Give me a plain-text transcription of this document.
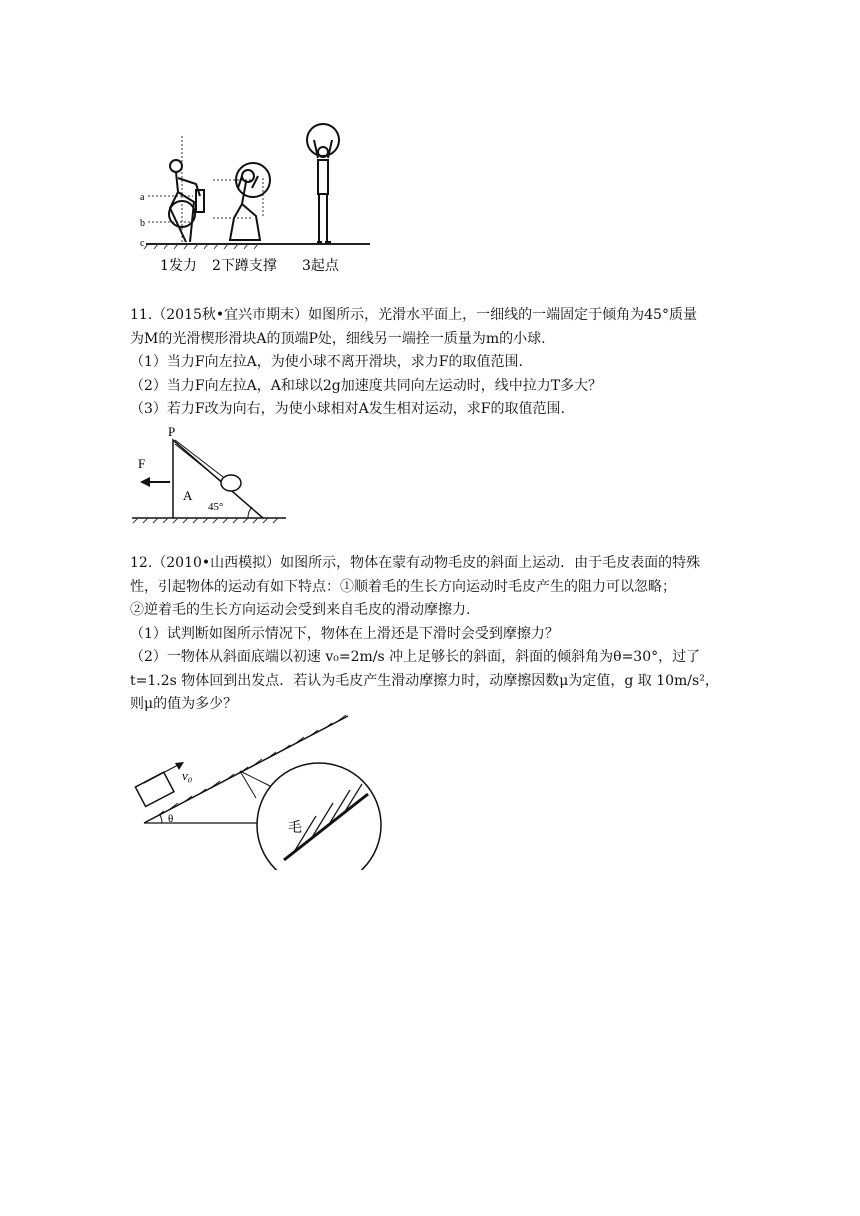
a
b
c
1发力 2下蹲支撑 3起点

11.（2015秋•宜兴市期末）如图所示，光滑水平面上，一细线的一端固定于倾角为45°质量

为M的光滑楔形滑块A的顶端P处，细线另一端拴一质量为m的小球.

（1）当力F向左拉A，为使小球不离开滑块，求力F的取值范围.

（2）当力F向左拉A，A和球以2g加速度共同向左运动时，线中拉力T多大？

（3）若力F改为向右，为使小球相对A发生相对运动，求F的取值范围.

P
F
A
45°

12.（2010•山西模拟）如图所示，物体在蒙有动物毛皮的斜面上运动．由于毛皮表面的特殊

性，引起物体的运动有如下特点：①顺着毛的生长方向运动时毛皮产生的阻力可以忽略；

②逆着毛的生长方向运动会受到来自毛皮的滑动摩擦力.

（1）试判断如图所示情况下，物体在上滑还是下滑时会受到摩擦力？

（2）一物体从斜面底端以初速 v₀=2m/s 冲上足够长的斜面，斜面的倾斜角为θ=30°，过了

t=1.2s 物体回到出发点．若认为毛皮产生滑动摩擦力时，动摩擦因数μ为定值，g 取 10m/s²，

则μ的值为多少？

v₀
θ
毛
